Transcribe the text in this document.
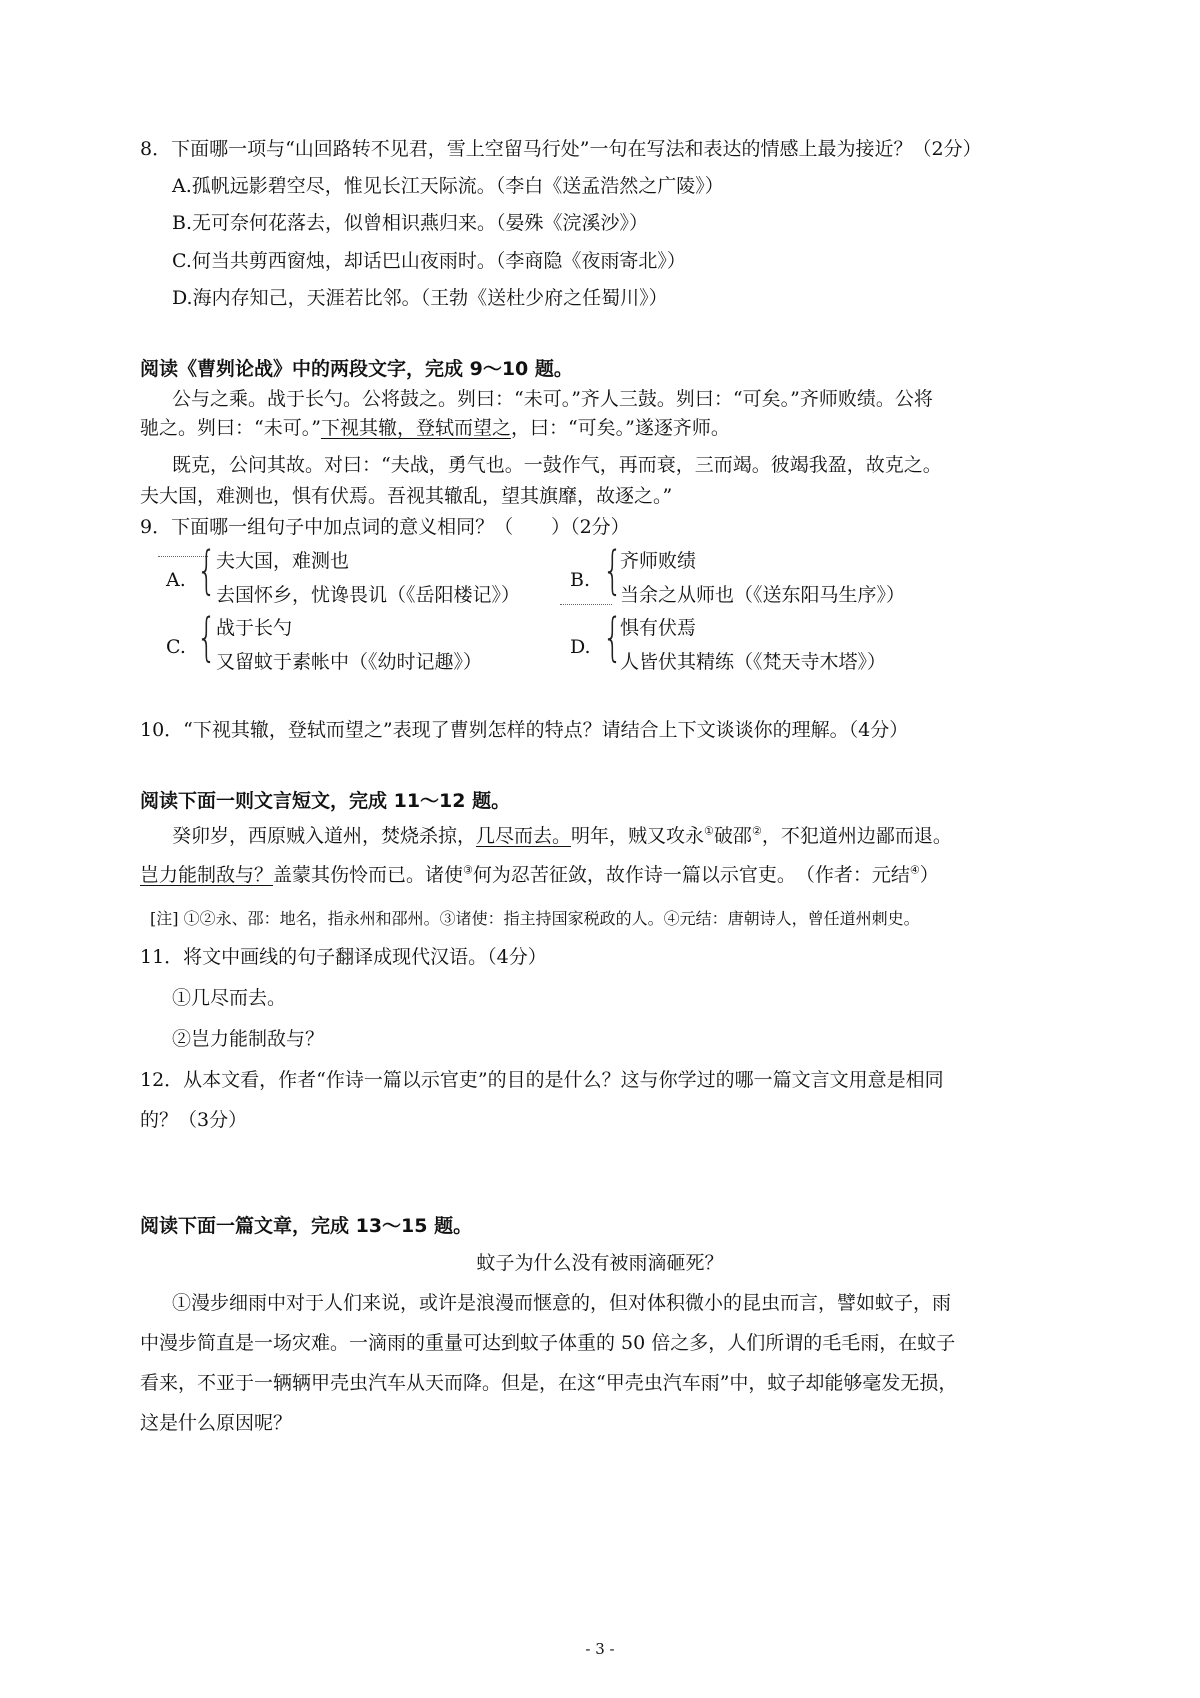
8．下面哪一项与“山回路转不见君，雪上空留马行处”一句在写法和表达的情感上最为接近？（2分）
A.孤帆远影碧空尽，惟见长江天际流。（李白《送孟浩然之广陵》）
B.无可奈何花落去，似曾相识燕归来。（晏殊《浣溪沙》）
C.何当共剪西窗烛，却话巴山夜雨时。（李商隐《夜雨寄北》）
D.海内存知己，天涯若比邻。（王勃《送杜少府之任蜀川》）
阅读《曹刿论战》中的两段文字，完成 9～10 题。
公与之乘。战于长勺。公将鼓之。刿曰：“未可。”齐人三鼓。刿曰：“可矣。”齐师败绩。公将
驰之。刿曰：“未可。”下视其辙，登轼而望之，曰：“可矣。”遂逐齐师。
既克，公问其故。对曰：“夫战，勇气也。一鼓作气，再而衰，三而竭。彼竭我盈，故克之。
夫大国，难测也，惧有伏焉。吾视其辙乱，望其旗靡，故逐之。”
9．下面哪一组句子中加点词的意义相同？（　　）（2分）
A. { 夫大国，难测也
去国怀乡，忧谗畏讥（《岳阳楼记》）
B. {
齐师败绩
当余之从师也（《送东阳马生序》）
C. { 战于长勺
又留蚊于素帐中（《幼时记趣》）
D. {
惧有伏焉
人皆伏其精练（《梵天寺木塔》）
10．“下视其辙，登轼而望之”表现了曹刿怎样的特点？请结合上下文谈谈你的理解。（4分）
阅读下面一则文言短文，完成 11～12 题。
癸卯岁，西原贼入道州，焚烧杀掠，几尽而去。明年，贼又攻永①破邵②，不犯道州边鄙而退。
岂力能制敌与？盖蒙其伤怜而已。诸使③何为忍苦征敛，故作诗一篇以示官吏。　（作者：元结④）
[注] ①②永、邵：地名，指永州和邵州。③诸使：指主持国家税政的人。④元结：唐朝诗人，曾任道州刺史。
11．将文中画线的句子翻译成现代汉语。（4分）
①几尽而去。
②岂力能制敌与？
12．从本文看，作者“作诗一篇以示官吏”的目的是什么？这与你学过的哪一篇文言文用意是相同
的？（3分）
阅读下面一篇文章，完成 13～15 题。
蚊子为什么没有被雨滴砸死？
①漫步细雨中对于人们来说，或许是浪漫而惬意的，但对体积微小的昆虫而言，譬如蚊子，雨
中漫步简直是一场灾难。一滴雨的重量可达到蚊子体重的 50 倍之多，人们所谓的毛毛雨，在蚊子
看来，不亚于一辆辆甲壳虫汽车从天而降。但是，在这“甲壳虫汽车雨”中，蚊子却能够毫发无损，
这是什么原因呢？
- 3 -
